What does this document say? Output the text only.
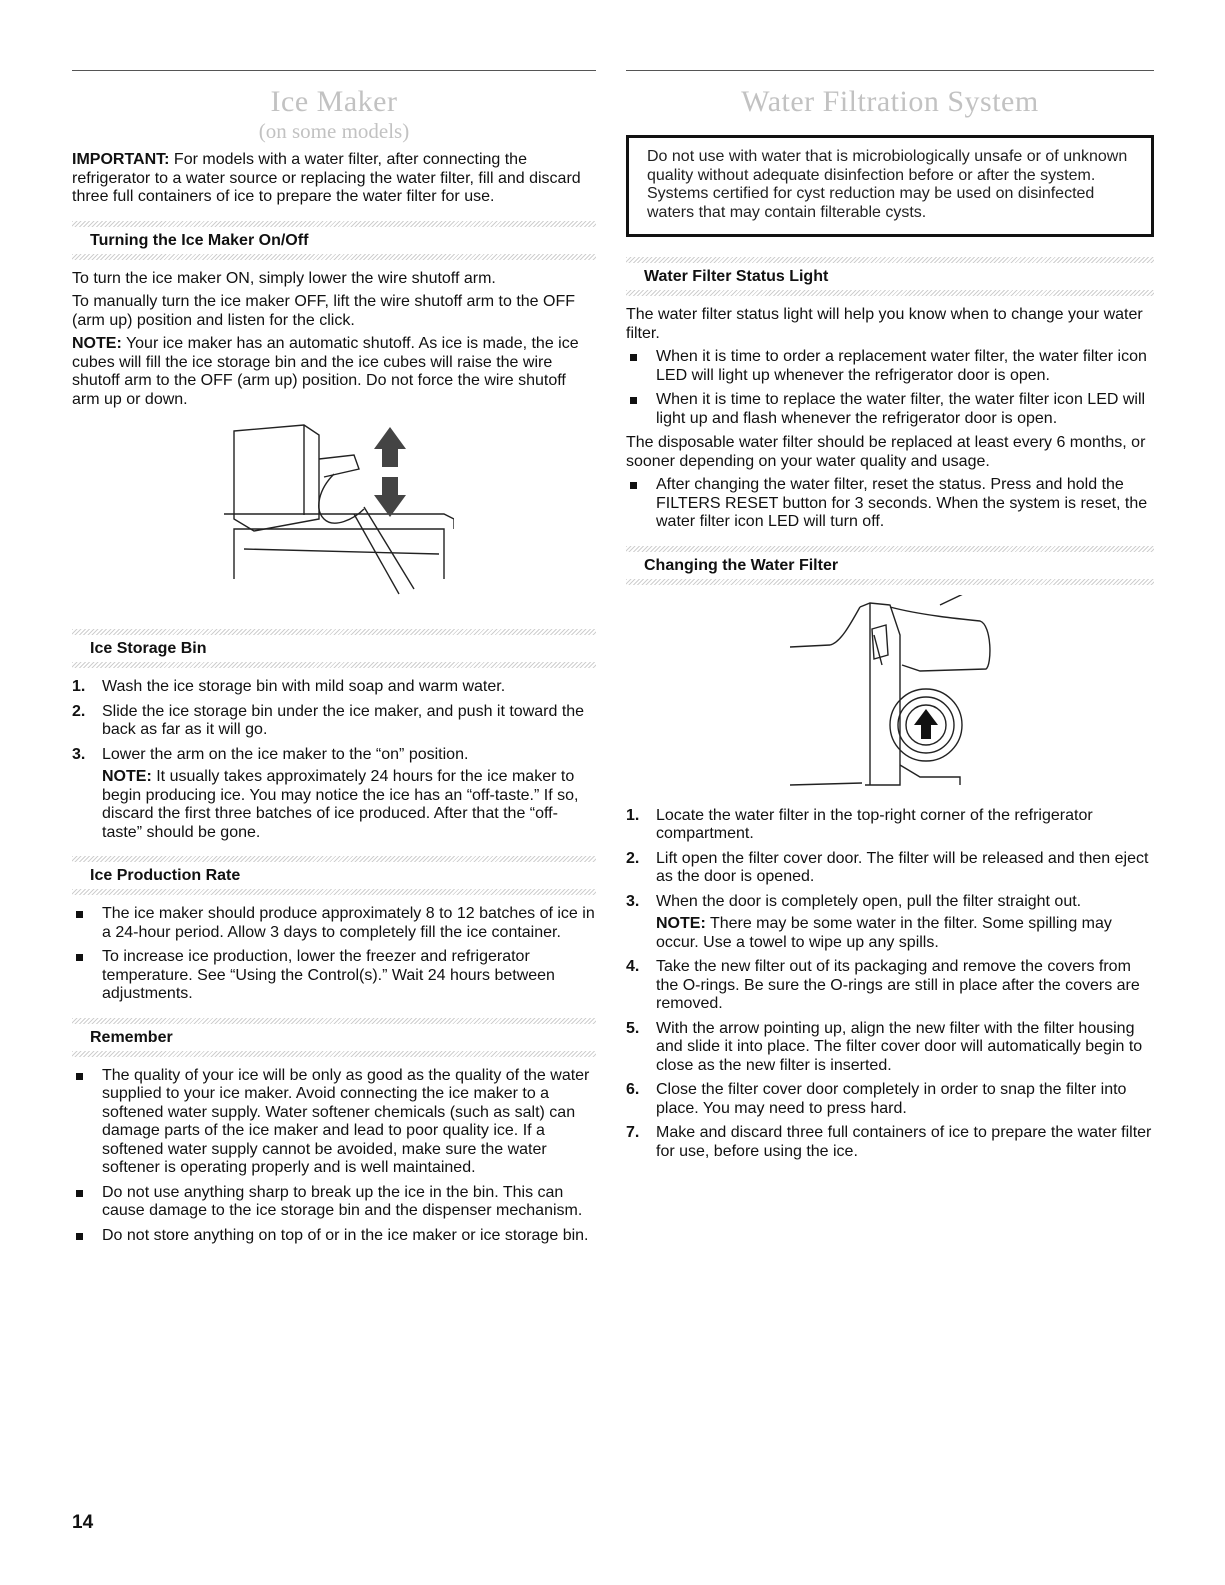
Ice Maker
(on some models)

IMPORTANT: For models with a water filter, after connecting the refrigerator to a water source or replacing the water filter, fill and discard three full containers of ice to prepare the water filter for use.

Turning the Ice Maker On/Off

To turn the ice maker ON, simply lower the wire shutoff arm.

To manually turn the ice maker OFF, lift the wire shutoff arm to the OFF (arm up) position and listen for the click.

NOTE: Your ice maker has an automatic shutoff. As ice is made, the ice cubes will fill the ice storage bin and the ice cubes will raise the wire shutoff arm to the OFF (arm up) position. Do not force the wire shutoff arm up or down.

Ice Storage Bin
1. Wash the ice storage bin with mild soap and warm water.
2. Slide the ice storage bin under the ice maker, and push it toward the back as far as it will go.
3. Lower the arm on the ice maker to the “on” position.
NOTE: It usually takes approximately 24 hours for the ice maker to begin producing ice. You may notice the ice has an “off-taste.” If so, discard the first three batches of ice produced. After that the “off-taste” should be gone.
Ice Production Rate
The ice maker should produce approximately 8 to 12 batches of ice in a 24-hour period. Allow 3 days to completely fill the ice container.
To increase ice production, lower the freezer and refrigerator temperature. See “Using the Control(s).” Wait 24 hours between adjustments.
Remember
The quality of your ice will be only as good as the quality of the water supplied to your ice maker. Avoid connecting the ice maker to a softened water supply. Water softener chemicals (such as salt) can damage parts of the ice maker and lead to poor quality ice. If a softened water supply cannot be avoided, make sure the water softener is operating properly and is well maintained.
Do not use anything sharp to break up the ice in the bin. This can cause damage to the ice storage bin and the dispenser mechanism.
Do not store anything on top of or in the ice maker or ice storage bin.
Water Filtration System
Do not use with water that is microbiologically unsafe or of unknown quality without adequate disinfection before or after the system. Systems certified for cyst reduction may be used on disinfected waters that may contain filterable cysts.
Water Filter Status Light

The water filter status light will help you know when to change your water filter.

When it is time to order a replacement water filter, the water filter icon LED will light up whenever the refrigerator door is open.
When it is time to replace the water filter, the water filter icon LED will light up and flash whenever the refrigerator door is open.

The disposable water filter should be replaced at least every 6 months, or sooner depending on your water quality and usage.

After changing the water filter, reset the status. Press and hold the FILTERS RESET button for 3 seconds. When the system is reset, the water filter icon LED will turn off.
Changing the Water Filter
1. Locate the water filter in the top-right corner of the refrigerator compartment.
2. Lift open the filter cover door. The filter will be released and then eject as the door is opened.
3. When the door is completely open, pull the filter straight out.
NOTE: There may be some water in the filter. Some spilling may occur. Use a towel to wipe up any spills.
4. Take the new filter out of its packaging and remove the covers from the O-rings. Be sure the O-rings are still in place after the covers are removed.
5. With the arrow pointing up, align the new filter with the filter housing and slide it into place. The filter cover door will automatically begin to close as the new filter is inserted.
6. Close the filter cover door completely in order to snap the filter into place. You may need to press hard.
7. Make and discard three full containers of ice to prepare the water filter for use, before using the ice.
14
